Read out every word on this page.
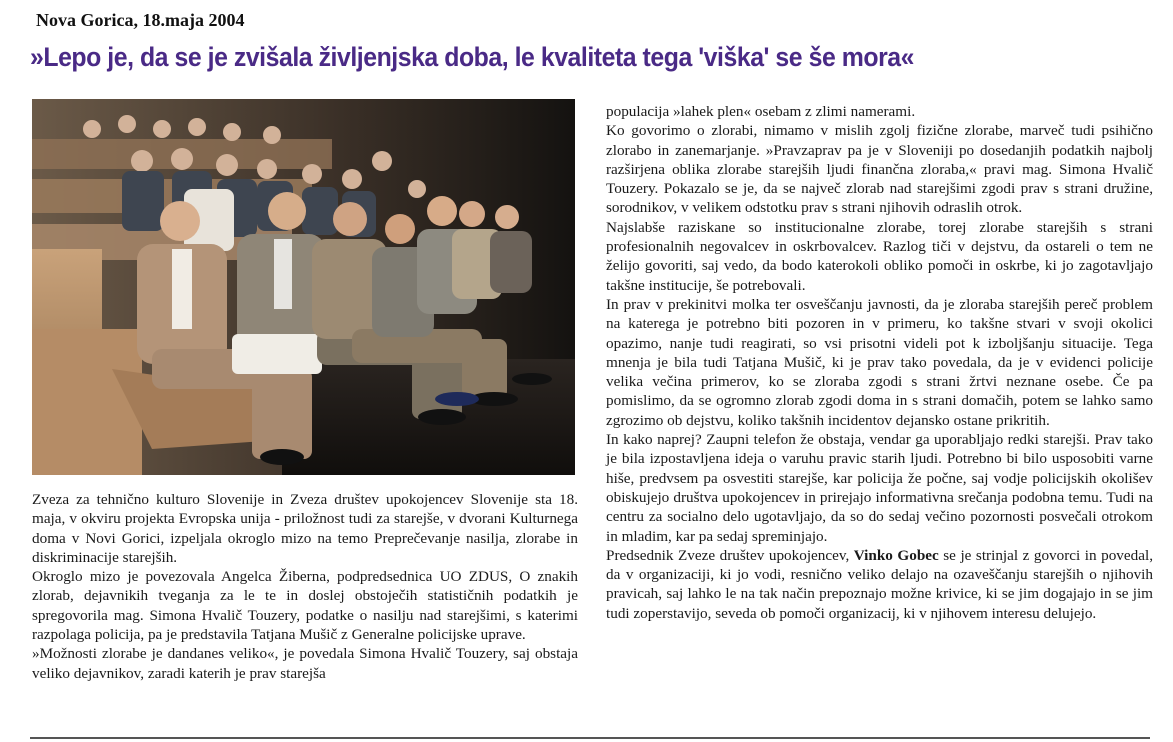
Nova Gorica, 18.maja 2004
»Lepo je, da se je zvišala življenjska doba, le kvaliteta tega 'viška' se še mora«

Zveza za tehnično kulturo Slovenije in Zveza društev upokojencev Slovenije sta 18. maja, v okviru projekta Evropska unija - priložnost tudi za starejše, v dvorani Kulturnega doma v Novi Gorici, izpeljala okroglo mizo na temo Preprečevanje nasilja, zlorabe in diskriminacije starejših.

Okroglo mizo je povezovala Angelca Žiberna, podpredsednica UO ZDUS, O znakih zlorab, dejavnikih tveganja za le te in doslej obstoječih statističnih podatkih je spregovorila mag. Simona Hvalič Touzery, podatke o nasilju nad starejšimi, s katerimi razpolaga policija, pa je predstavila Tatjana Mušič z Generalne policijske uprave.

»Možnosti zlorabe je dandanes veliko«, je povedala Simona Hvalič Touzery, saj obstaja veliko dejavnikov, zaradi katerih je prav starejša

populacija »lahek plen« osebam z zlimi namerami.

Ko govorimo o zlorabi, nimamo v mislih zgolj fizične zlorabe, marveč tudi psihično zlorabo in zanemarjanje. »Pravzaprav pa je v Sloveniji po dosedanjih podatkih najbolj razširjena oblika zlorabe starejših ljudi finančna zloraba,« pravi mag. Simona Hvalič Touzery. Pokazalo se je, da se največ zlorab nad starejšimi zgodi prav s strani družine, sorodnikov, v velikem odstotku prav s strani njihovih odraslih otrok.

Najslabše raziskane so institucionalne zlorabe, torej zlorabe starejših s strani profesionalnih negovalcev in oskrbovalcev. Razlog tiči v dejstvu, da ostareli o tem ne želijo govoriti, saj vedo, da bodo katerokoli obliko pomoči in oskrbe, ki jo zagotavljajo takšne institucije, še potrebovali.

In prav v prekinitvi molka ter osveščanju javnosti, da je zloraba starejših pereč problem na katerega je potrebno biti pozoren in v primeru, ko takšne stvari v svoji okolici opazimo, nanje tudi reagirati, so vsi prisotni videli pot k izboljšanju situacije. Tega mnenja je bila tudi Tatjana Mušič, ki je prav tako povedala, da je v evidenci policije velika večina primerov, ko se zloraba zgodi s strani žrtvi neznane osebe. Če pa pomislimo, da se ogromno zlorab zgodi doma in s strani domačih, potem se lahko samo zgrozimo ob dejstvu, koliko takšnih incidentov dejansko ostane prikritih.

In kako naprej? Zaupni telefon že obstaja, vendar ga uporabljajo redki starejši. Prav tako je bila izpostavljena ideja o varuhu pravic starih ljudi. Potrebno bi bilo usposobiti varne hiše, predvsem pa osvestiti starejše, kar policija že počne, saj vodje policijskih okolišev obiskujejo društva upokojencev in prirejajo informativna srečanja podobna temu. Tudi na centru za socialno delo ugotavljajo, da so do sedaj večino pozornosti posvečali otrokom in mladim, kar pa sedaj spreminjajo.

Predsednik Zveze društev upokojencev, Vinko Gobec se je strinjal z govorci in povedal, da v organizaciji, ki jo vodi, resnično veliko delajo na ozaveščanju starejših o njihovih pravicah, saj lahko le na tak način prepoznajo možne krivice, ki se jim dogajajo in se jim tudi zoperstavijo, seveda ob pomoči organizacij, ki v njihovem interesu delujejo.
